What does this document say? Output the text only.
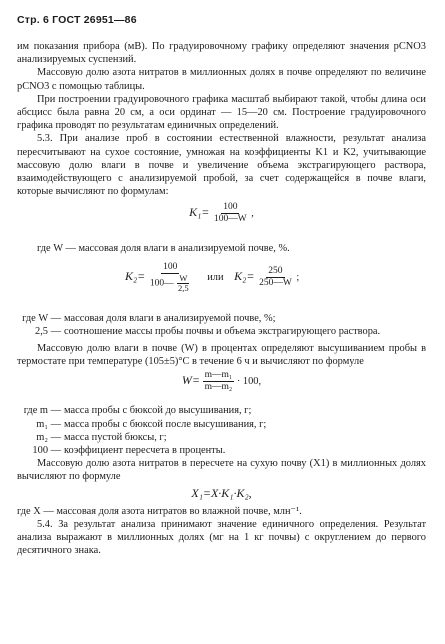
Стр. 6 ГОСТ 26951—86

им показания прибора (мВ). По градуировочному графику определяют значения pCNO3 анализируемых суспензий.

Массовую долю азота нитратов в миллионных долях в почве определяют по величине pCNO3 с помощью таблицы.

При построении градуировочного графика масштаб выбирают такой, чтобы длина оси абсцисс была равна 20 см, а оси ординат — 15—20 см. Построение градуировочного графика проводят по результатам единичных определений.

5.3. При анализе проб в состоянии естественной влажности, результат анализа пересчитывают на сухое состояние, умножая на коэффициенты K1 и K2, учитывающие массовую долю влаги в почве и увеличение объема экстрагирующего раствора, взаимодействующего с анализируемой пробой, за счет содержащейся в почве влаги, которые вычисляют по формулам:

$K_1= \frac{100}{100—W}$ ,

где W — массовая доля влаги в анализируемой почве, %.

$K_2= \frac{100}{100— \frac{W}{2,5}}$ или $K_2= \frac{250}{250—W}$ ;
где W — массовая доля влаги в анализируемой почве, %;
2,5 — соотношение массы пробы почвы и объема экстрагирующего раствора.

Массовую долю влаги в почве (W) в процентах определяют высушиванием пробы в термостате при температуре (105±5)°С в течение 6 ч и вычисляют по формуле

$W= \frac{\text{m—m₁}}{\text{m—m₂}} \cdot 100$,
где m — масса пробы с бюксой до высушивания, г;
m₁ — масса пробы с бюксой после высушивания, г;
m₂ — масса пустой бюксы, г;
100 — коэффициент пересчета в проценты.

Массовую долю азота нитратов в пересчете на сухую почву (X1) в миллионных долях вычисляют по формуле

X₁=X·K₁·K₂,

где X — массовая доля азота нитратов во влажной почве, млн⁻¹.

5.4. За результат анализа принимают значение единичного определения. Результат анализа выражают в миллионных долях (мг на 1 кг почвы) с округлением до первого десятичного знака.
